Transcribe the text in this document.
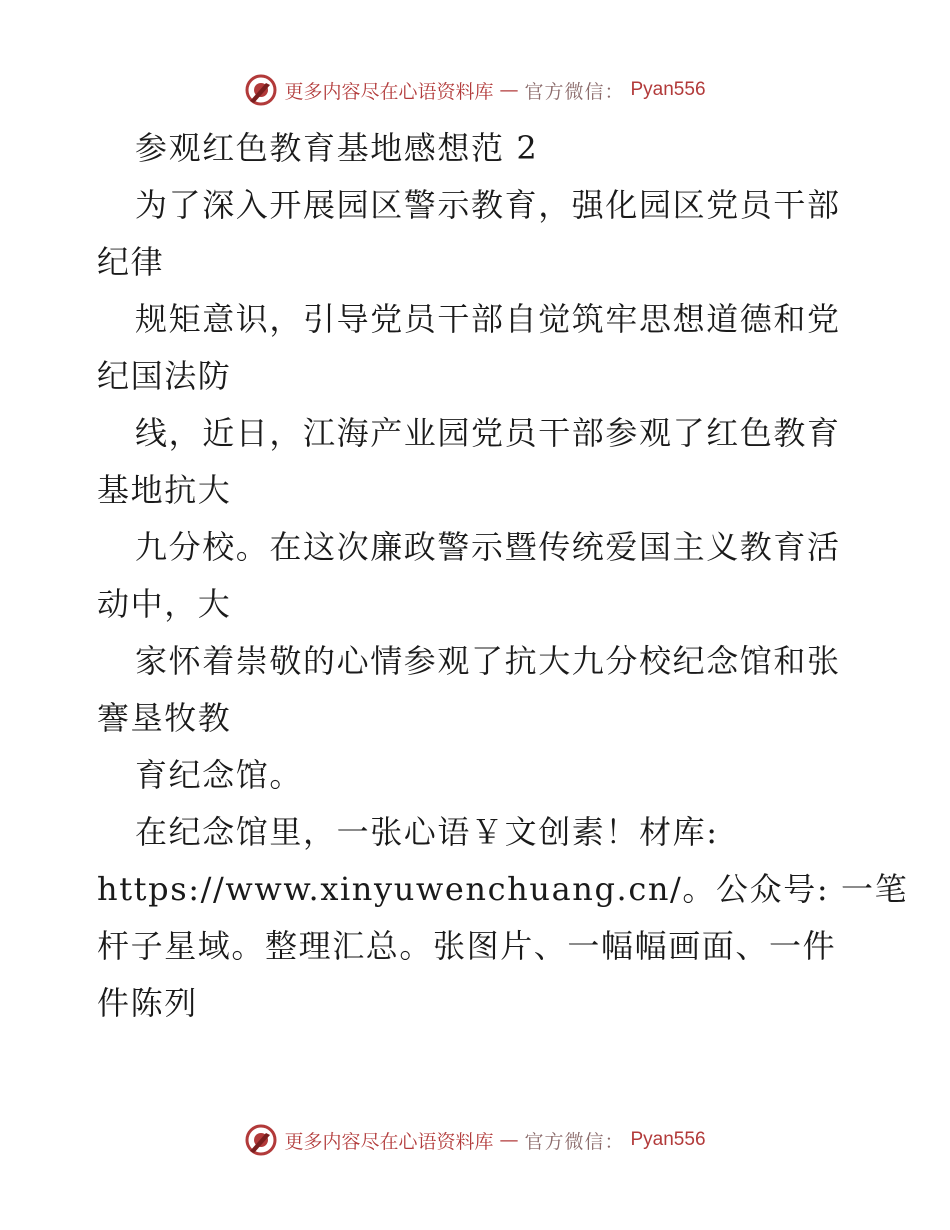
更多内容尽在心语资料库 — 官方微信： Pyan556

参观红色教育基地感想范 2

为了深入开展园区警示教育，强化园区党员干部

纪律

规矩意识，引导党员干部自觉筑牢思想道德和党

纪国法防

线，近日，江海产业园党员干部参观了红色教育

基地抗大

九分校。在这次廉政警示暨传统爱国主义教育活

动中，大

家怀着崇敬的心情参观了抗大九分校纪念馆和张

謇垦牧教

育纪念馆。

在纪念馆里，一张心语￥文创素！材库:

https://www.xinyuwenchuang.cn/。公众号: 一笔

杆子星域。整理汇总。张图片、一幅幅画面、一件

件陈列

更多内容尽在心语资料库 — 官方微信： Pyan556
